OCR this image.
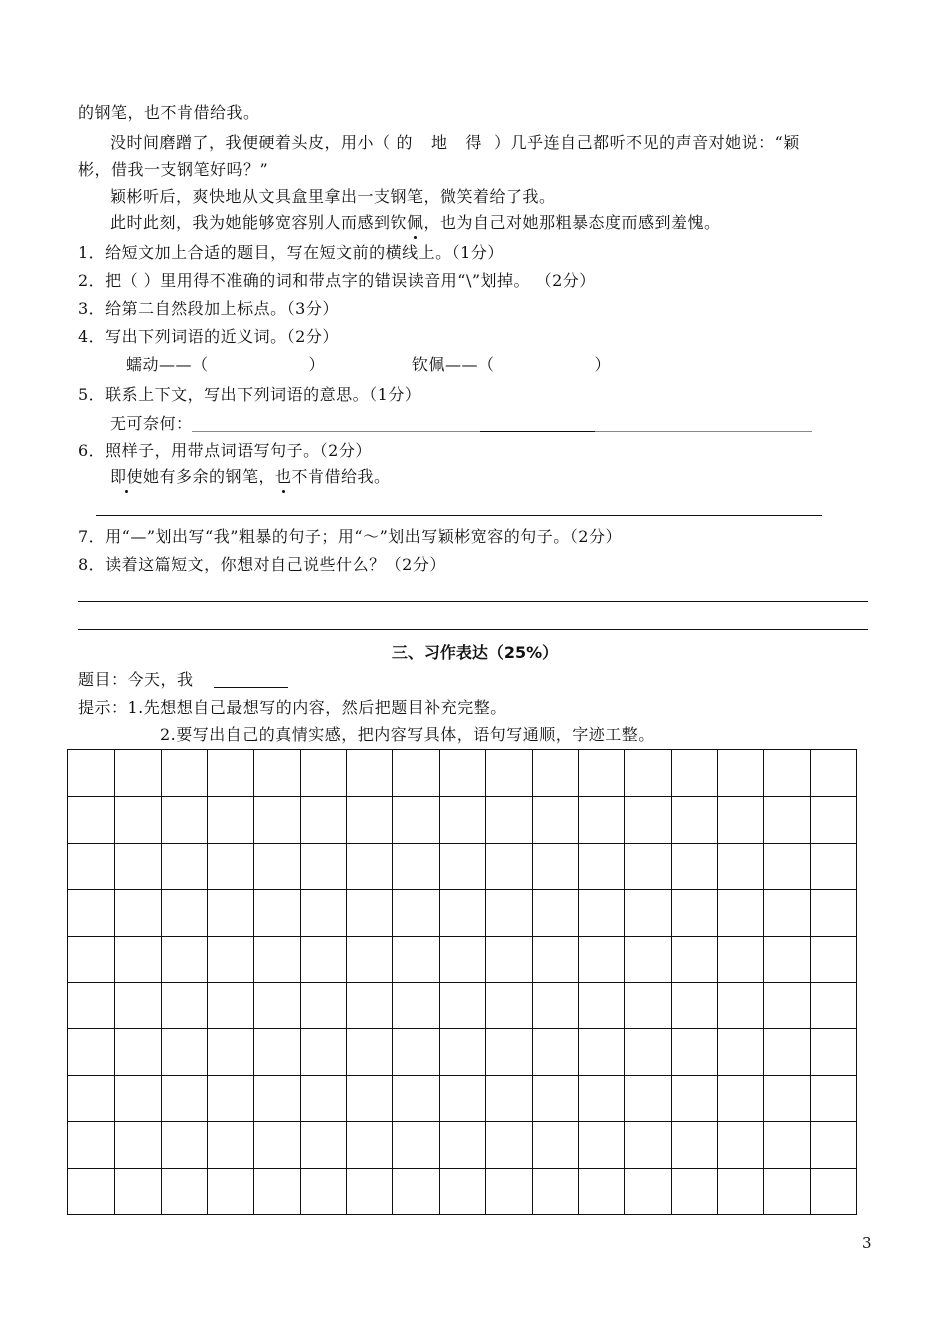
的钢笔，也不肯借给我。
没时间磨蹭了，我便硬着头皮，用小（ 的 地 得 ）几乎连自己都听不见的声音对她说：“颖
彬，借我一支钢笔好吗？”
颖彬听后，爽快地从文具盒里拿出一支钢笔，微笑着给了我。
此时此刻，我为她能够宽容别人而感到钦佩，也为自己对她那粗暴态度而感到羞愧。
1．给短文加上合适的题目，写在短文前的横线上。（1分）
2．把（ ）里用得不准确的词和带点字的错误读音用“\”划掉。 （2分）
3．给第二自然段加上标点。（3分）
4．写出下列词语的近义词。（2分）
蠕动——（	）	钦佩——（	）
5．联系上下文，写出下列词语的意思。（1分）
无可奈何：
6．照样子，用带点词语写句子。（2分）
即使她有多余的钢笔，也不肯借给我。
7．用“—”划出写“我”粗暴的句子；用“～”划出写颖彬宽容的句子。（2分）
8．读着这篇短文，你想对自己说些什么？（2分）
三、习作表达（25%）
题目：今天，我
提示：1.先想想自己最想写的内容，然后把题目补充完整。
2.要写出自己的真情实感，把内容写具体，语句写通顺，字迹工整。
3
